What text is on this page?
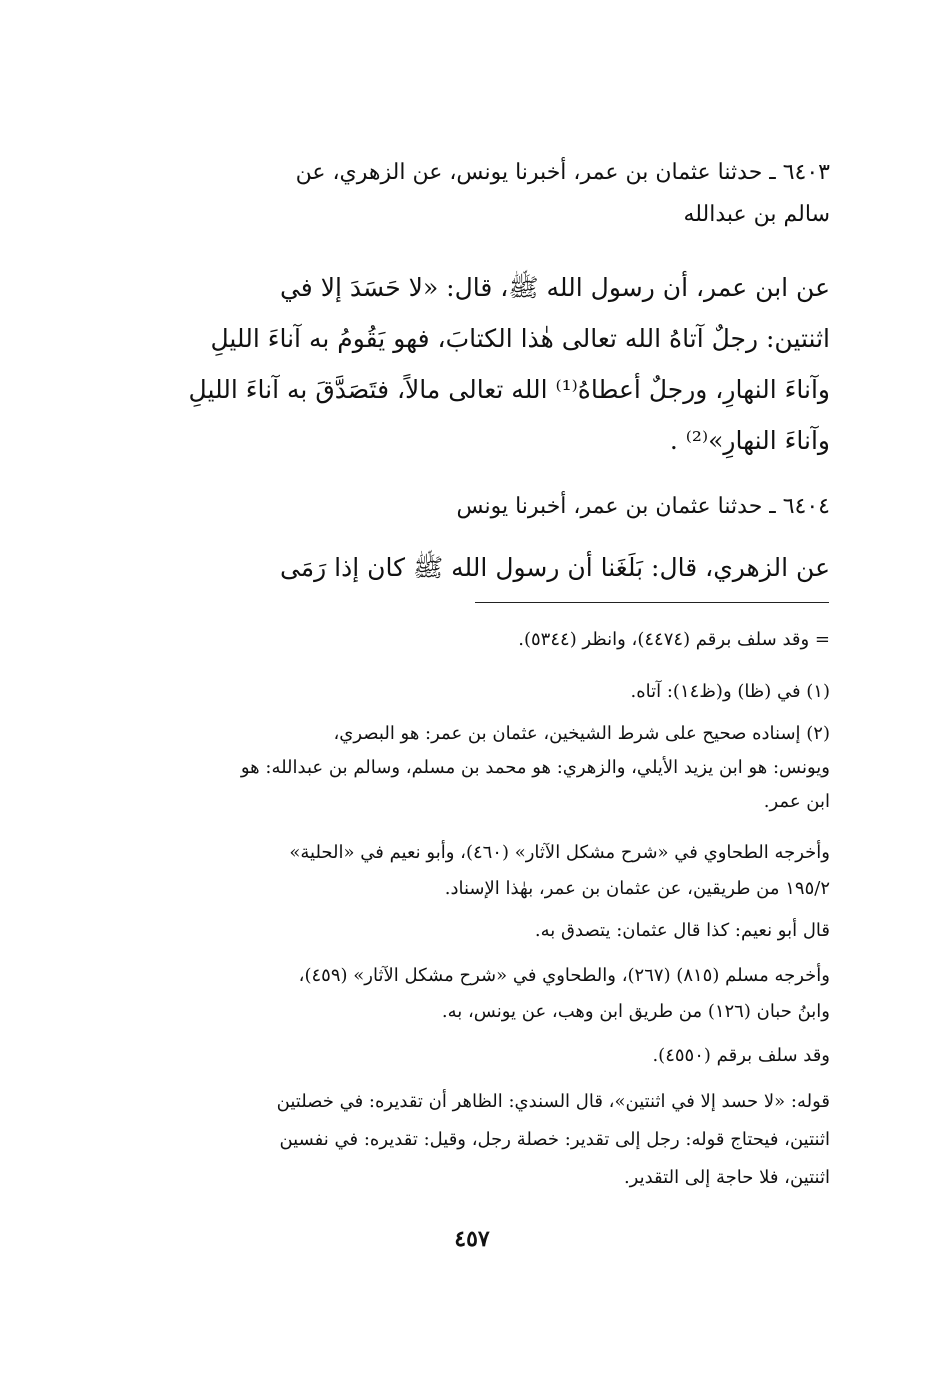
٦٤٠٣ ـ حدثنا عثمان بن عمر، أخبرنا يونس، عن الزهري، عن
سالم بن عبدالله
عن ابن عمر، أن رسول الله ﷺ، قال: «لا حَسَدَ إلا في
اثنتين: رجلٌ آتاهُ الله تعالى هٰذا الكتابَ، فهو يَقُومُ به آناءَ الليلِ
وآناءَ النهارِ، ورجلٌ أعطاهُ⁽¹⁾ الله تعالى مالاً، فتَصَدَّقَ به آناءَ الليلِ
وآناءَ النهارِ»⁽²⁾ .
٦٤٠٤ ـ حدثنا عثمان بن عمر، أخبرنا يونس
عن الزهري، قال: بَلَغَنا أن رسول الله ﷺ كان إذا رَمَى
= وقد سلف برقم (٤٤٧٤)، وانظر (٥٣٤٤).
(١) في (ظا) و(ظ١٤): آتاه.
(٢) إسناده صحيح على شرط الشيخين، عثمان بن عمر: هو البصري،
ويونس: هو ابن يزيد الأيلي، والزهري: هو محمد بن مسلم، وسالم بن عبدالله: هو
ابن عمر.
وأخرجه الطحاوي في «شرح مشكل الآثار» (٤٦٠)، وأبو نعيم في «الحلية»
١٩٥/٢ من طريقين، عن عثمان بن عمر، بهٰذا الإسناد.
قال أبو نعيم: كذا قال عثمان: يتصدق به.
وأخرجه مسلم (٨١٥) (٢٦٧)، والطحاوي في «شرح مشكل الآثار» (٤٥٩)،
وابنُ حبان (١٢٦) من طريق ابن وهب، عن يونس، به.
وقد سلف برقم (٤٥٥٠).
قوله: «لا حسد إلا في اثنتين»، قال السندي: الظاهر أن تقديره: في خصلتين
اثنتين، فيحتاج قوله: رجل إلى تقدير: خصلة رجل، وقيل: تقديره: في نفسين
اثنتين، فلا حاجة إلى التقدير.
٤٥٧
